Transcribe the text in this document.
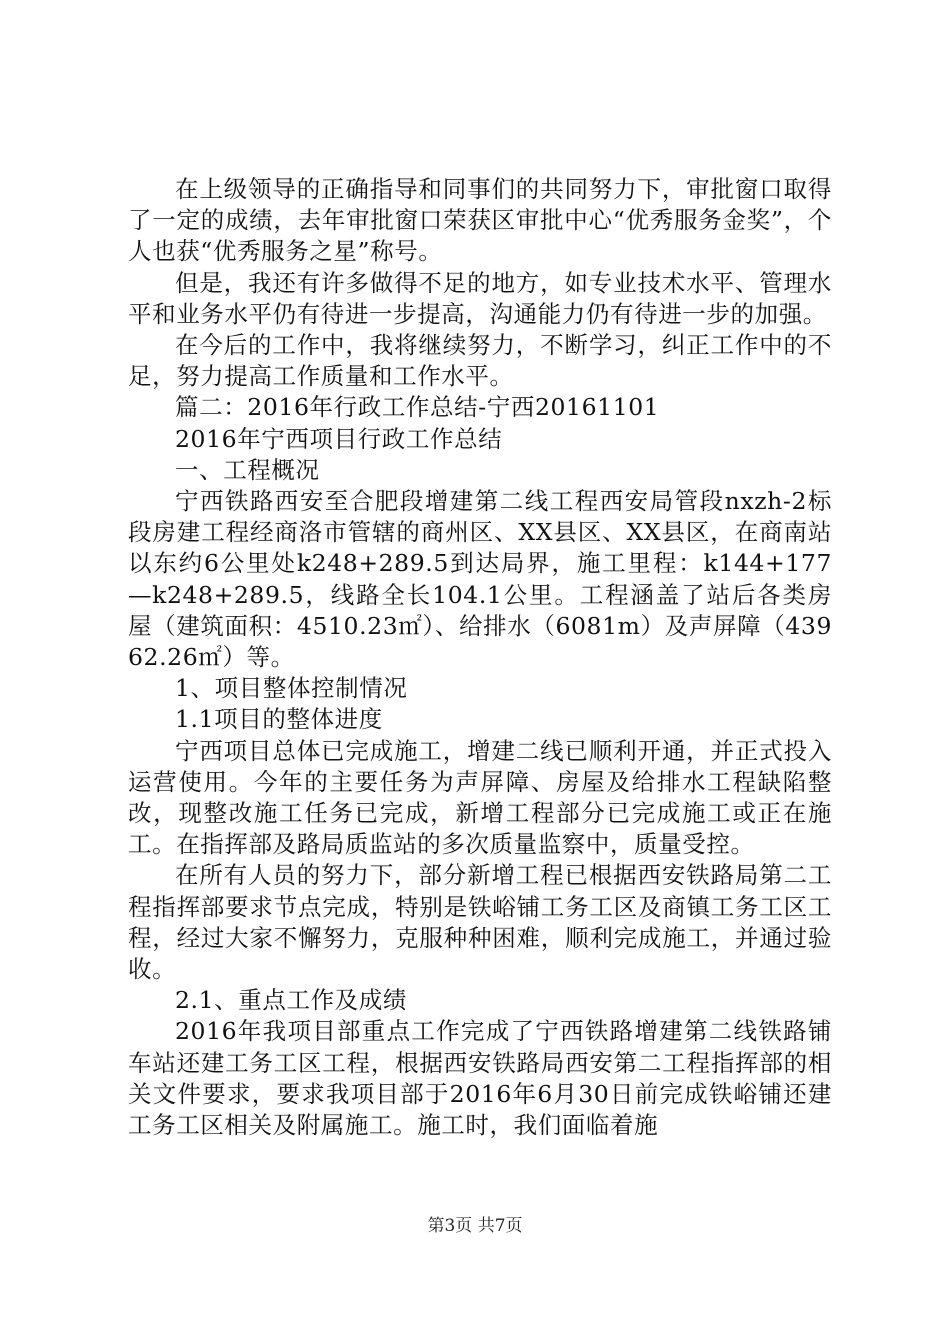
在上级领导的正确指导和同事们的共同努力下，审批窗口取得了一定的成绩，去年审批窗口荣获区审批中心“优秀服务金奖”，个人也获“优秀服务之星”称号。

但是，我还有许多做得不足的地方，如专业技术水平、管理水平和业务水平仍有待进一步提高，沟通能力仍有待进一步的加强。

在今后的工作中，我将继续努力，不断学习，纠正工作中的不足，努力提高工作质量和工作水平。

篇二：2016年行政工作总结-宁西20161101

2016年宁西项目行政工作总结

一、工程概况

宁西铁路西安至合肥段增建第二线工程西安局管段nxzh-2标段房建工程经商洛市管辖的商州区、XX县区、XX县区，在商南站以东约6公里处k248+289.5到达局界，施工里程：k144+177—k248+289.5，线路全长104.1公里。工程涵盖了站后各类房屋（建筑面积：4510.23㎡）、给排水（6081m）及声屏障（43962.26㎡）等。

1、项目整体控制情况

1.1项目的整体进度

宁西项目总体已完成施工，增建二线已顺利开通，并正式投入运营使用。今年的主要任务为声屏障、房屋及给排水工程缺陷整改，现整改施工任务已完成，新增工程部分已完成施工或正在施工。在指挥部及路局质监站的多次质量监察中，质量受控。

在所有人员的努力下，部分新增工程已根据西安铁路局第二工程指挥部要求节点完成，特别是铁峪铺工务工区及商镇工务工区工程，经过大家不懈努力，克服种种困难，顺利完成施工，并通过验收。

2.1、重点工作及成绩

2016年我项目部重点工作完成了宁西铁路增建第二线铁路铺车站还建工务工区工程，根据西安铁路局西安第二工程指挥部的相关文件要求，要求我项目部于2016年6月30日前完成铁峪铺还建工务工区相关及附属施工。施工时，我们面临着施

第3页 共7页
